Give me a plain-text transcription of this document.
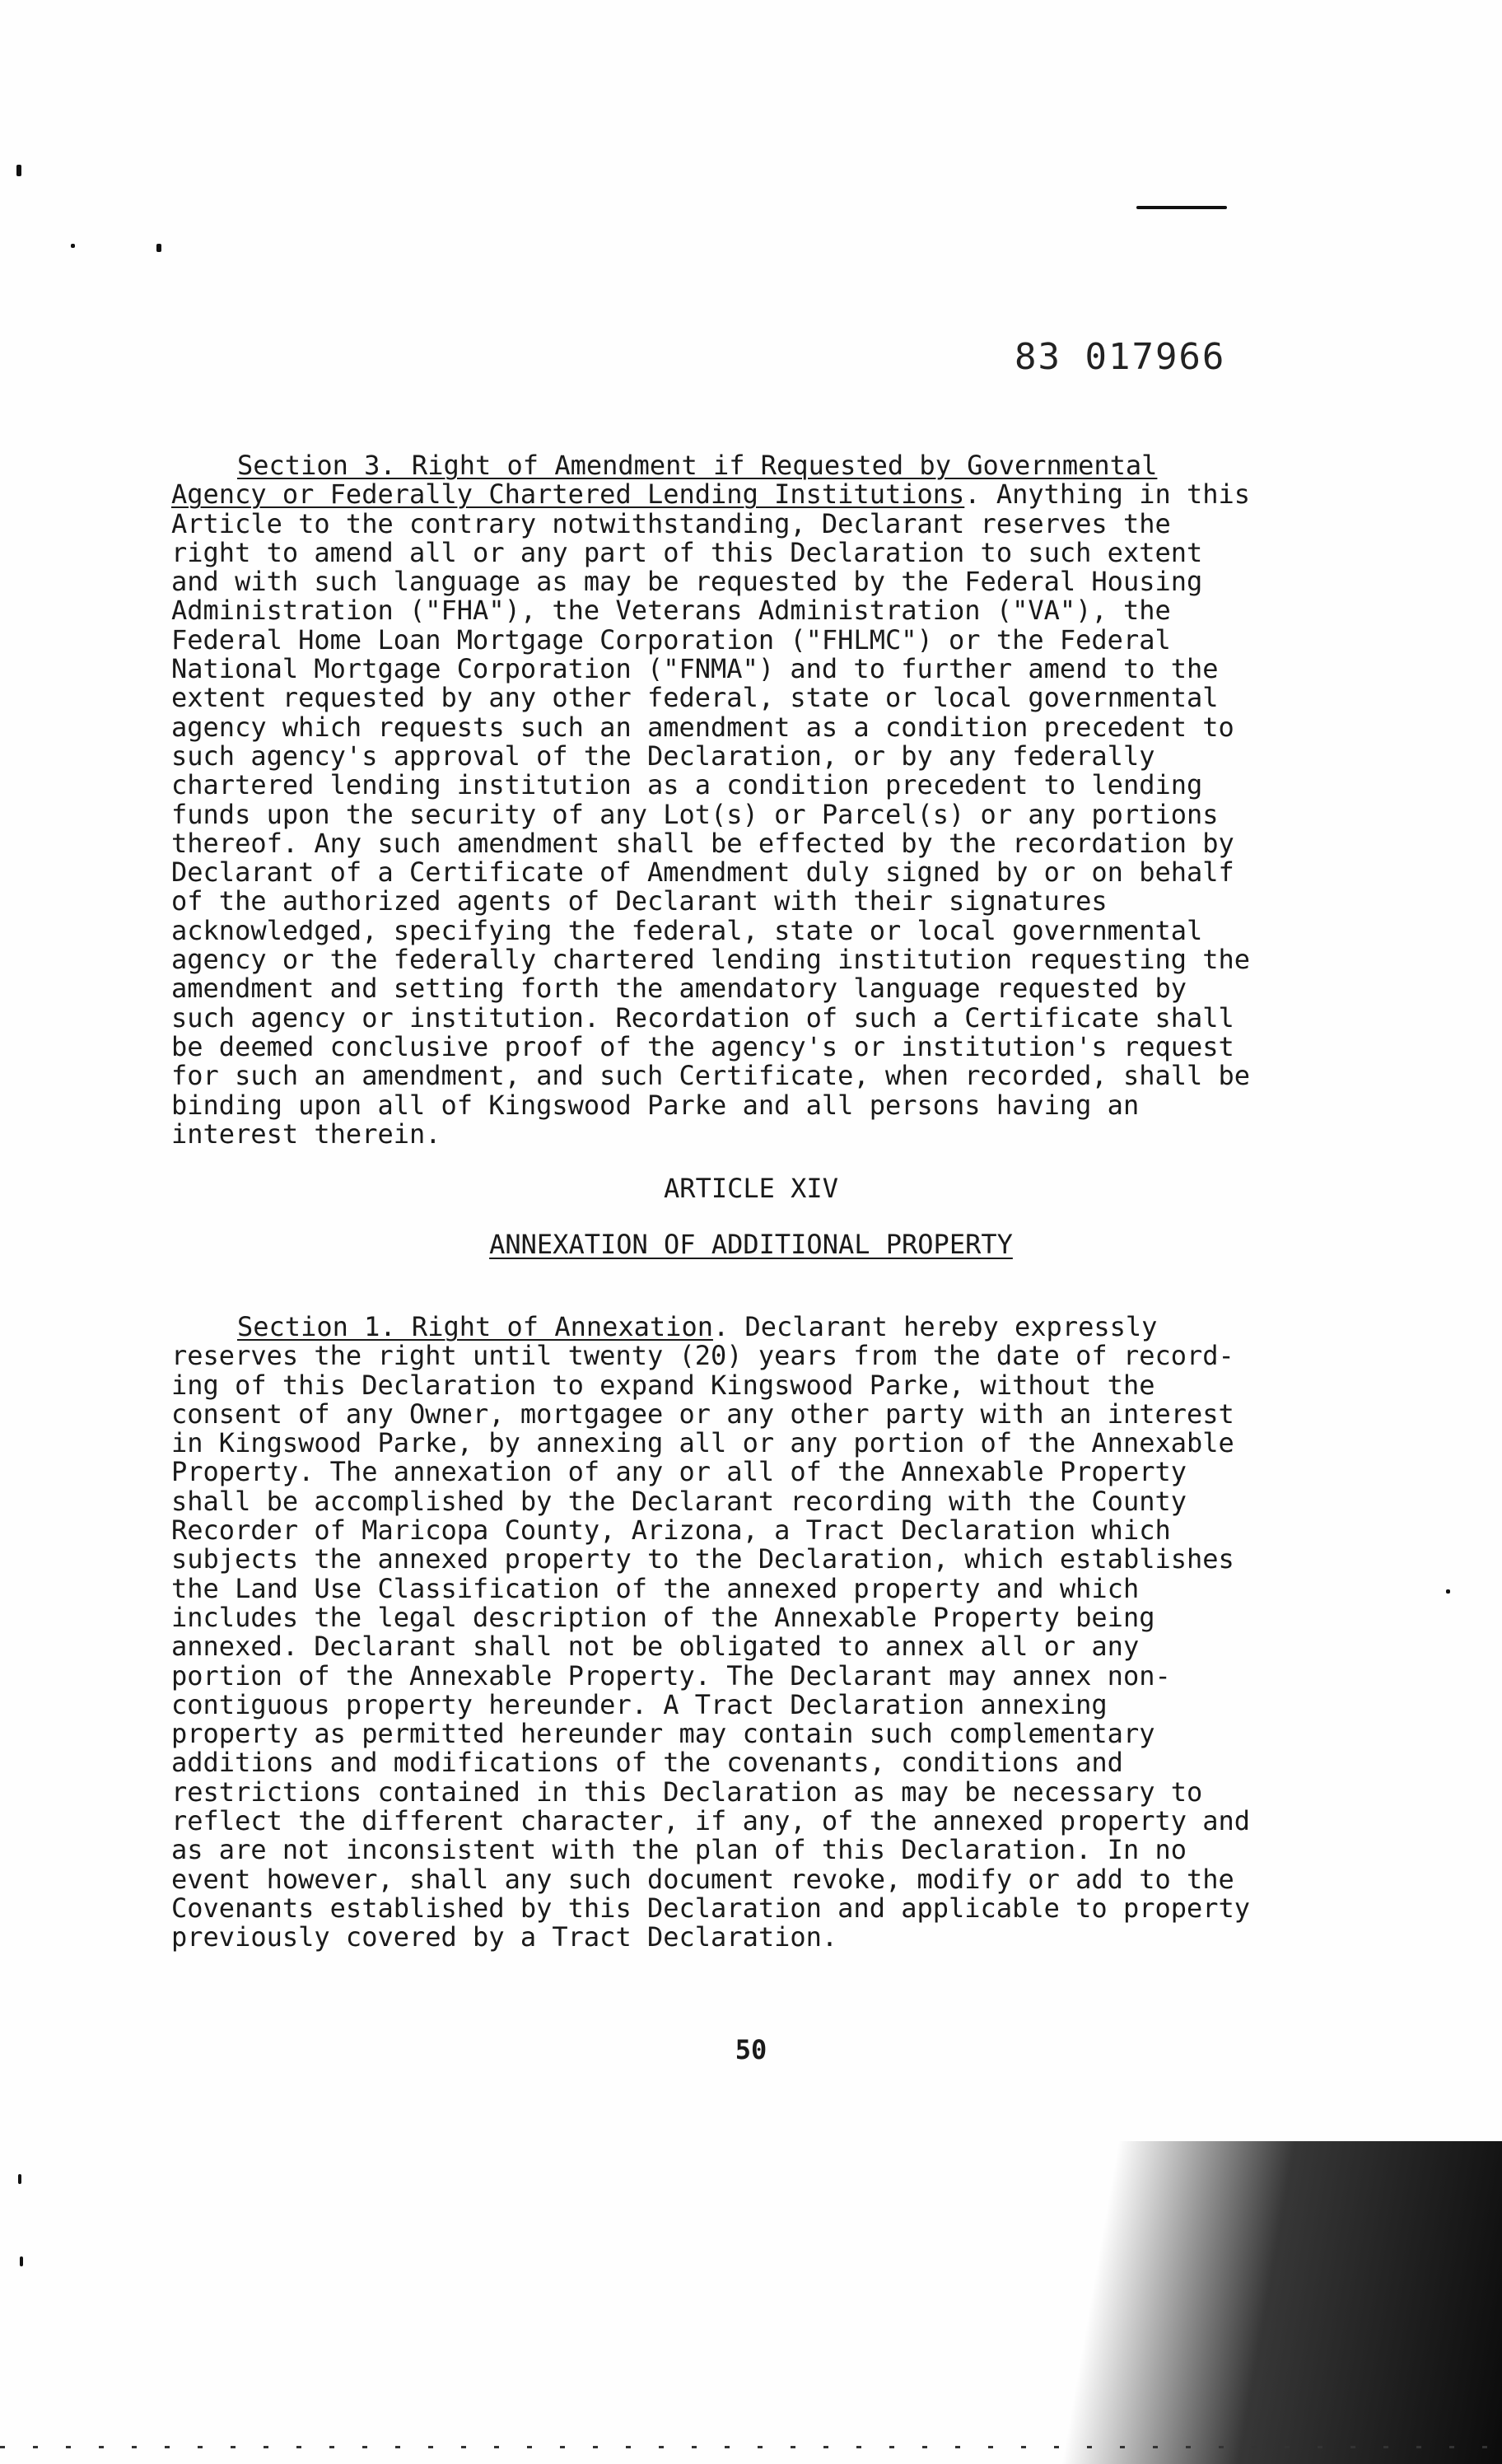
83 017966
Section 3. Right of Amendment if Requested by Governmental
Agency or Federally Chartered Lending Institutions. Anything in this
Article to the contrary notwithstanding, Declarant reserves the
right to amend all or any part of this Declaration to such extent
and with such language as may be requested by the Federal Housing
Administration ("FHA"), the Veterans Administration ("VA"), the
Federal Home Loan Mortgage Corporation ("FHLMC") or the Federal
National Mortgage Corporation ("FNMA") and to further amend to the
extent requested by any other federal, state or local governmental
agency which requests such an amendment as a condition precedent to
such agency's approval of the Declaration, or by any federally
chartered lending institution as a condition precedent to lending
funds upon the security of any Lot(s) or Parcel(s) or any portions
thereof. Any such amendment shall be effected by the recordation by
Declarant of a Certificate of Amendment duly signed by or on behalf
of the authorized agents of Declarant with their signatures
acknowledged, specifying the federal, state or local governmental
agency or the federally chartered lending institution requesting the
amendment and setting forth the amendatory language requested by
such agency or institution. Recordation of such a Certificate shall
be deemed conclusive proof of the agency's or institution's request
for such an amendment, and such Certificate, when recorded, shall be
binding upon all of Kingswood Parke and all persons having an
interest therein.
ARTICLE XIV
ANNEXATION OF ADDITIONAL PROPERTY
Section 1. Right of Annexation. Declarant hereby expressly
reserves the right until twenty (20) years from the date of record-
ing of this Declaration to expand Kingswood Parke, without the
consent of any Owner, mortgagee or any other party with an interest
in Kingswood Parke, by annexing all or any portion of the Annexable
Property. The annexation of any or all of the Annexable Property
shall be accomplished by the Declarant recording with the County
Recorder of Maricopa County, Arizona, a Tract Declaration which
subjects the annexed property to the Declaration, which establishes
the Land Use Classification of the annexed property and which
includes the legal description of the Annexable Property being
annexed. Declarant shall not be obligated to annex all or any
portion of the Annexable Property. The Declarant may annex non-
contiguous property hereunder. A Tract Declaration annexing
property as permitted hereunder may contain such complementary
additions and modifications of the covenants, conditions and
restrictions contained in this Declaration as may be necessary to
reflect the different character, if any, of the annexed property and
as are not inconsistent with the plan of this Declaration. In no
event however, shall any such document revoke, modify or add to the
Covenants established by this Declaration and applicable to property
previously covered by a Tract Declaration.
50
